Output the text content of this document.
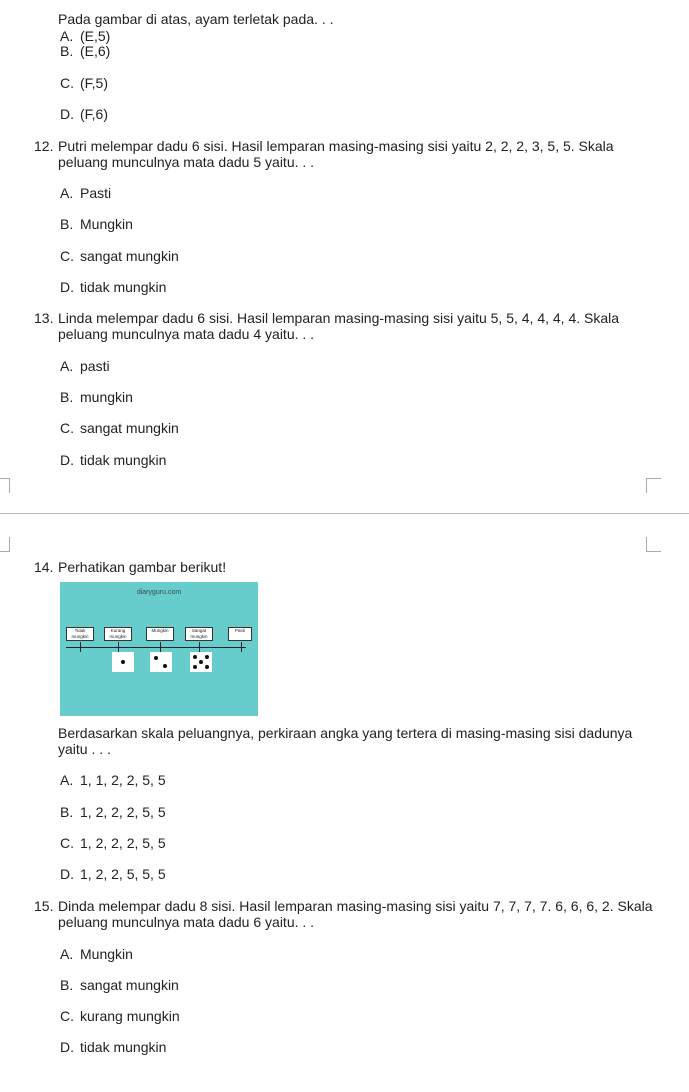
Pada gambar di atas, ayam terletak pada. . .
A. (E,5)
B. (E,6)
C. (F,5)
D. (F,6)
12. Putri melempar dadu 6 sisi. Hasil lemparan masing-masing sisi yaitu 2, 2, 2, 3, 5, 5. Skala peluang munculnya mata dadu 5 yaitu. . .
A. Pasti
B. Mungkin
C. sangat mungkin
D. tidak mungkin
13. Linda melempar dadu 6 sisi. Hasil lemparan masing-masing sisi yaitu 5, 5, 4, 4, 4, 4. Skala peluang munculnya mata dadu 4 yaitu. . .
A. pasti
B. mungkin
C. sangat mungkin
D. tidak mungkin
14. Perhatikan gambar berikut!
diaryguru.com
Tidak mungkin
Kurang mungkin
Mungkin	Sangat mungkin
Pasti
Berdasarkan skala peluangnya, perkiraan angka yang tertera di masing-masing sisi dadunya yaitu . . .
A. 1, 1, 2, 2, 5, 5
B. 1, 2, 2, 2, 5, 5
C. 1, 2, 2, 2, 5, 5
D. 1, 2, 2, 5, 5, 5
15. Dinda melempar dadu 8 sisi. Hasil lemparan masing-masing sisi yaitu 7, 7, 7, 7. 6, 6, 6, 2. Skala peluang munculnya mata dadu 6 yaitu. . .
A. Mungkin
B. sangat mungkin
C. kurang mungkin
D. tidak mungkin
